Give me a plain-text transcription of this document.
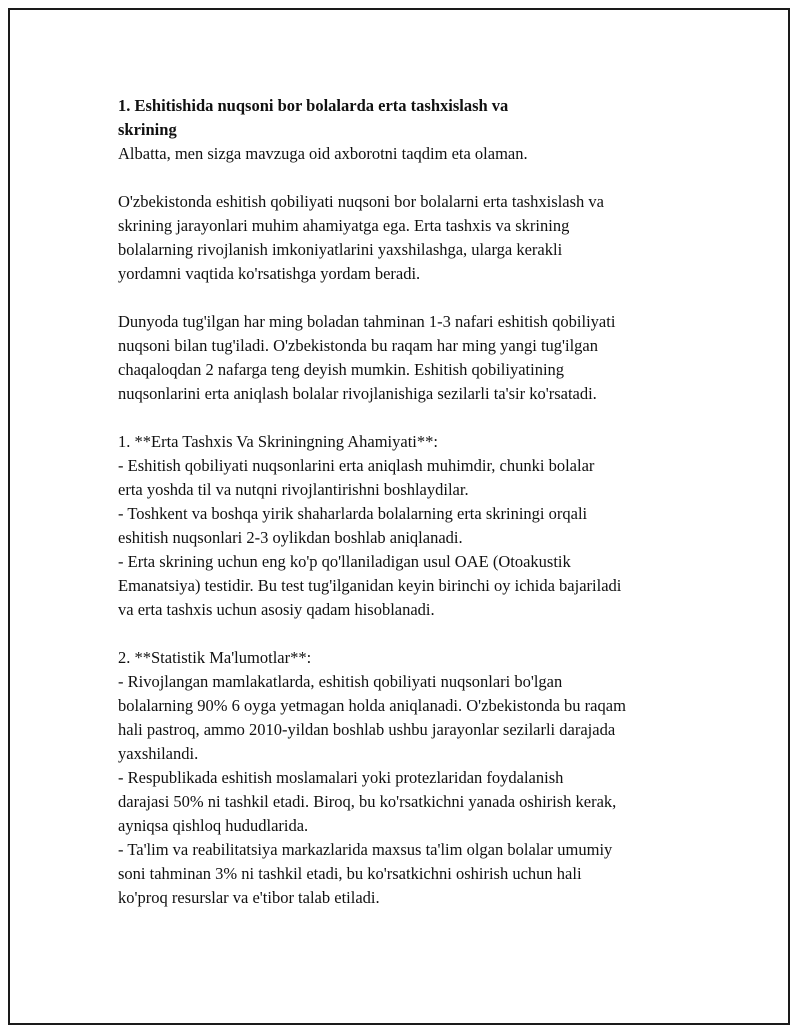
1. Eshitishida nuqsoni bor bolalarda erta tashxislash va
skrining

Albatta, men sizga mavzuga oid axborotni taqdim eta olaman.

O'zbekistonda eshitish qobiliyati nuqsoni bor bolalarni erta tashxislash va
skrining jarayonlari muhim ahamiyatga ega. Erta tashxis va skrining
bolalarning rivojlanish imkoniyatlarini yaxshilashga, ularga kerakli
yordamni vaqtida ko'rsatishga yordam beradi.

Dunyoda tug'ilgan har ming boladan tahminan 1-3 nafari eshitish qobiliyati
nuqsoni bilan tug'iladi. O'zbekistonda bu raqam har ming yangi tug'ilgan
chaqaloqdan 2 nafarga teng deyish mumkin. Eshitish qobiliyatining
nuqsonlarini erta aniqlash bolalar rivojlanishiga sezilarli ta'sir ko'rsatadi.

1. **Erta Tashxis Va Skriningning Ahamiyati**:
- Eshitish qobiliyati nuqsonlarini erta aniqlash muhimdir, chunki bolalar
erta yoshda til va nutqni rivojlantirishni boshlaydilar.
- Toshkent va boshqa yirik shaharlarda bolalarning erta skriningi orqali
eshitish nuqsonlari 2-3 oylikdan boshlab aniqlanadi.
- Erta skrining uchun eng ko'p qo'llaniladigan usul OAE (Otoakustik
Emanatsiya) testidir. Bu test tug'ilganidan keyin birinchi oy ichida bajariladi
va erta tashxis uchun asosiy qadam hisoblanadi.

2. **Statistik Ma'lumotlar**:
- Rivojlangan mamlakatlarda, eshitish qobiliyati nuqsonlari bo'lgan
bolalarning 90% 6 oyga yetmagan holda aniqlanadi. O'zbekistonda bu raqam
hali pastroq, ammo 2010-yildan boshlab ushbu jarayonlar sezilarli darajada
yaxshilandi.
- Respublikada eshitish moslamalari yoki protezlaridan foydalanish
darajasi 50% ni tashkil etadi. Biroq, bu ko'rsatkichni yanada oshirish kerak,
ayniqsa qishloq hududlarida.
- Ta'lim va reabilitatsiya markazlarida maxsus ta'lim olgan bolalar umumiy
soni tahminan 3% ni tashkil etadi, bu ko'rsatkichni oshirish uchun hali
ko'proq resurslar va e'tibor talab etiladi.
